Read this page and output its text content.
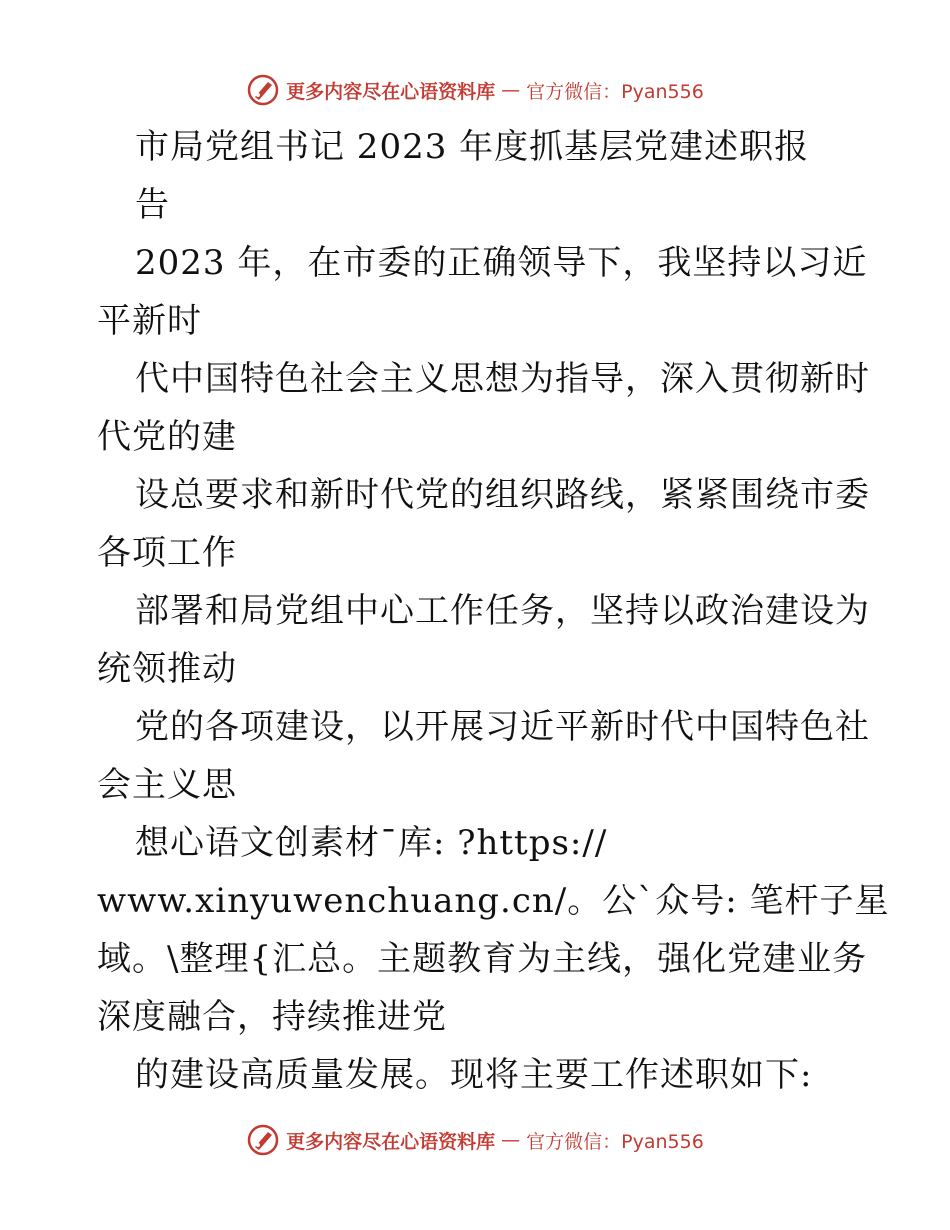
更多内容尽在心语资料库 — 官方微信：Pyan556
市局党组书记 2023 年度抓基层党建述职报
告
2023 年，在市委的正确领导下，我坚持以习近
平新时
代中国特色社会主义思想为指导，深入贯彻新时
代党的建
设总要求和新时代党的组织路线，紧紧围绕市委
各项工作
部署和局党组中心工作任务，坚持以政治建设为
统领推动
党的各项建设，以开展习近平新时代中国特色社
会主义思
想心语文创素材¯库: ?https://
www.xinyuwenchuang.cn/。公`众号: 笔杆子星
域。\整理{汇总。主题教育为主线，强化党建业务
深度融合，持续推进党
的建设高质量发展。现将主要工作述职如下:
更多内容尽在心语资料库 — 官方微信：Pyan556
